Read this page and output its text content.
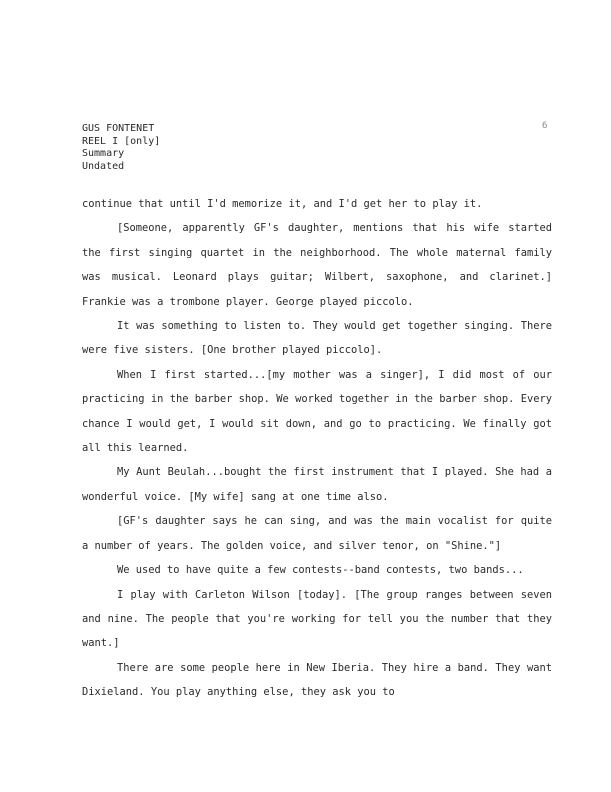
GUS FONTENET
REEL I [only]
Summary
Undated
6

continue that until I'd memorize it, and I'd get her to play it.

[Someone, apparently GF's daughter, mentions that his wife started the first singing quartet in the neighborhood. The whole maternal family was musical. Leonard plays guitar; Wilbert, saxophone, and clarinet.] Frankie was a trombone player. George played piccolo.

It was something to listen to. They would get together singing. There were five sisters. [One brother played piccolo].

When I first started...[my mother was a singer], I did most of our practicing in the barber shop. We worked together in the barber shop. Every chance I would get, I would sit down, and go to practicing. We finally got all this learned.

My Aunt Beulah...bought the first instrument that I played. She had a wonderful voice. [My wife] sang at one time also.

[GF's daughter says he can sing, and was the main vocalist for quite a number of years. The golden voice, and silver tenor, on "Shine."]

We used to have quite a few contests--band contests, two bands...

I play with Carleton Wilson [today]. [The group ranges between seven and nine. The people that you're working for tell you the number that they want.]

There are some people here in New Iberia. They hire a band. They want Dixieland. You play anything else, they ask you to
